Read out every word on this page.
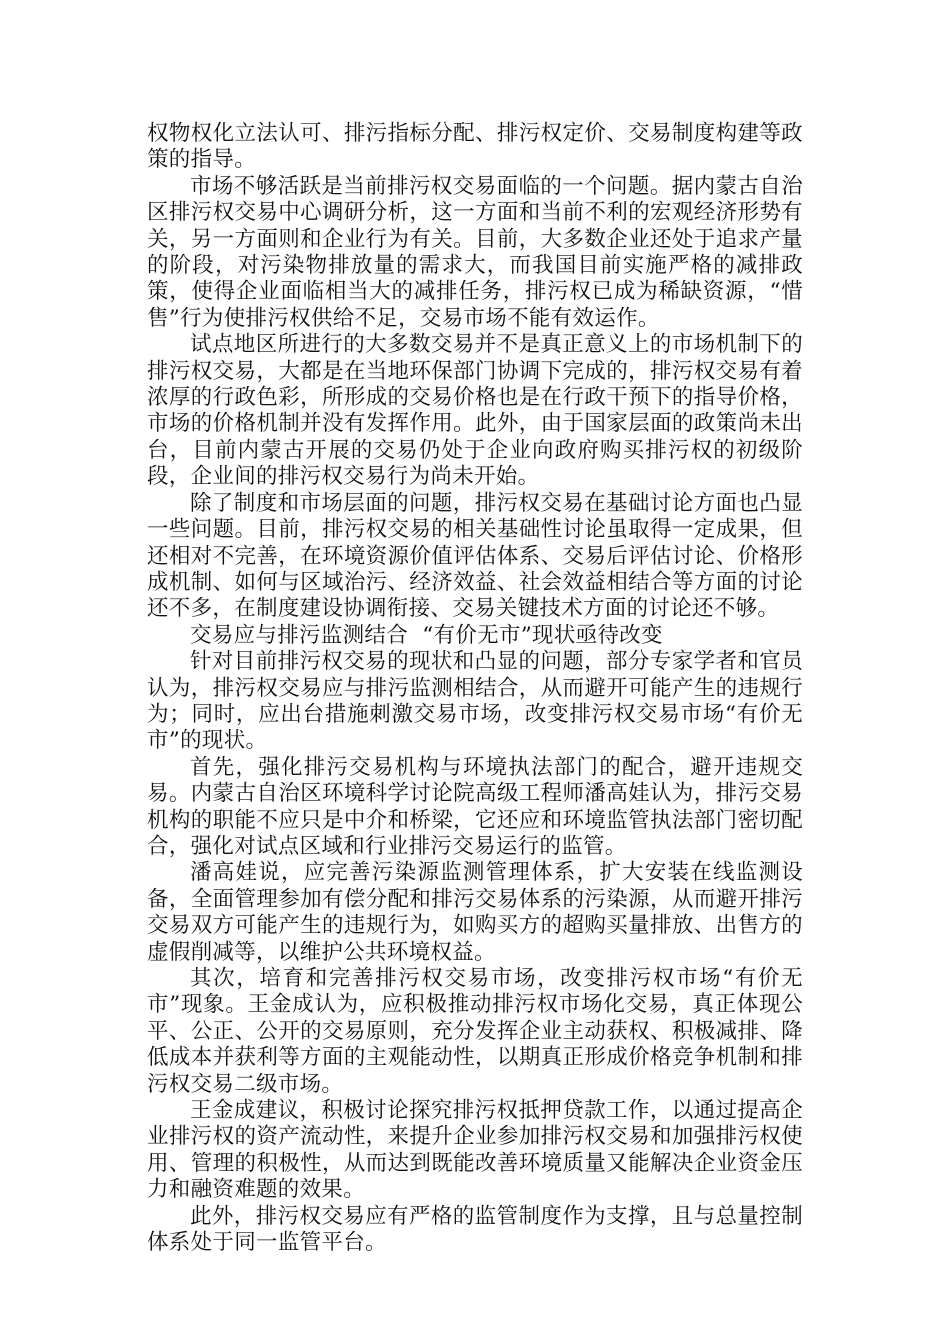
权物权化立法认可、排污指标分配、排污权定价、交易制度构建等政策的指导。

市场不够活跃是当前排污权交易面临的一个问题。据内蒙古自治区排污权交易中心调研分析，这一方面和当前不利的宏观经济形势有关，另一方面则和企业行为有关。目前，大多数企业还处于追求产量的阶段，对污染物排放量的需求大，而我国目前实施严格的减排政策，使得企业面临相当大的减排任务，排污权已成为稀缺资源，“惜售”行为使排污权供给不足，交易市场不能有效运作。

试点地区所进行的大多数交易并不是真正意义上的市场机制下的排污权交易，大都是在当地环保部门协调下完成的，排污权交易有着浓厚的行政色彩，所形成的交易价格也是在行政干预下的指导价格，市场的价格机制并没有发挥作用。此外，由于国家层面的政策尚未出台，目前内蒙古开展的交易仍处于企业向政府购买排污权的初级阶段，企业间的排污权交易行为尚未开始。

除了制度和市场层面的问题，排污权交易在基础讨论方面也凸显一些问题。目前，排污权交易的相关基础性讨论虽取得一定成果，但还相对不完善，在环境资源价值评估体系、交易后评估讨论、价格形成机制、如何与区域治污、经济效益、社会效益相结合等方面的讨论还不多，在制度建设协调衔接、交易关键技术方面的讨论还不够。

交易应与排污监测结合  “有价无市”现状亟待改变

针对目前排污权交易的现状和凸显的问题，部分专家学者和官员认为，排污权交易应与排污监测相结合，从而避开可能产生的违规行为；同时，应出台措施刺激交易市场，改变排污权交易市场“有价无市”的现状。

首先，强化排污交易机构与环境执法部门的配合，避开违规交易。内蒙古自治区环境科学讨论院高级工程师潘高娃认为，排污交易机构的职能不应只是中介和桥梁，它还应和环境监管执法部门密切配合，强化对试点区域和行业排污交易运行的监管。

潘高娃说，应完善污染源监测管理体系，扩大安装在线监测设备，全面管理参加有偿分配和排污交易体系的污染源，从而避开排污交易双方可能产生的违规行为，如购买方的超购买量排放、出售方的虚假削减等，以维护公共环境权益。

其次，培育和完善排污权交易市场，改变排污权市场“有价无市”现象。王金成认为，应积极推动排污权市场化交易，真正体现公平、公正、公开的交易原则，充分发挥企业主动获权、积极减排、降低成本并获利等方面的主观能动性，以期真正形成价格竞争机制和排污权交易二级市场。

王金成建议，积极讨论探究排污权抵押贷款工作，以通过提高企业排污权的资产流动性，来提升企业参加排污权交易和加强排污权使用、管理的积极性，从而达到既能改善环境质量又能解决企业资金压力和融资难题的效果。

此外，排污权交易应有严格的监管制度作为支撑，且与总量控制体系处于同一监管平台。
